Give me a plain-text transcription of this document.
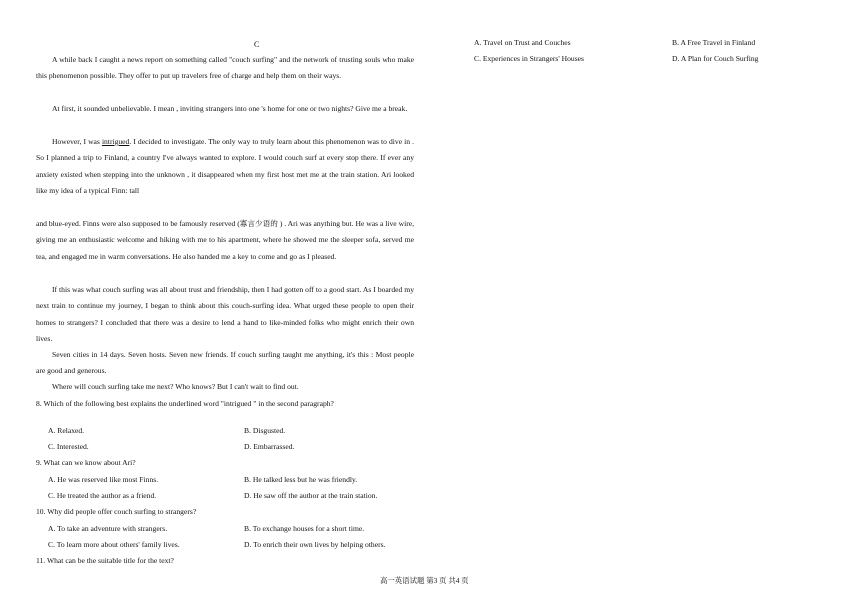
C
A while back I caught a news report on something called "couch surfing" and the network of trusting souls who make this phenomenon possible. They offer to put up travelers free of charge and help them on their ways.
At first, it sounded unbelievable. I mean , inviting strangers into one 's home for one or two nights? Give me a break.
However, I was intrigued. I decided to investigate. The only way to truly learn about this phenomenon was to dive in . So I planned a trip to Finland, a country I've always wanted to explore. I would couch surf at every stop there. If ever any anxiety existed when stepping into the unknown , it disappeared when my first host met me at the train station. Ari looked like my idea of a typical Finn: tall
and blue-eyed. Finns were also supposed to be famously reserved (寡言少语的 ) . Ari was anything but. He was a live wire, giving me an enthusiastic welcome and hiking with me to his apartment, where he showed me the sleeper sofa, served me tea, and engaged me in warm conversations. He also handed me a key to come and go as I pleased.
If this was what couch surfing was all about trust and friendship, then I had gotten off to a good start. As I boarded my next train to continue my journey, I began to think about this couch-surfing idea. What urged these people to open their homes to strangers? I concluded that there was a desire to lend a hand to like-minded folks who might enrich their own lives.
Seven cities in 14 days. Seven hosts. Seven new friends. If couch surfing taught me anything, it's this : Most people are good and generous.
Where will couch surfing take me next? Who knows? But I can't wait to find out.
8. Which of the following best explains the underlined word "intrigued " in the second paragraph?
A. Relaxed.	B. Disgusted.
C. Interested.	D. Embarrassed.
9. What can we know about Ari?
A. He was reserved like most Finns.	B. He talked less but he was friendly.
C. He treated the author as a friend.	D. He saw off the author at the train station.
10. Why did people offer couch surfing to strangers?
A. To take an adventure with strangers.	B. To exchange houses for a short time.
C. To learn more about others' family lives.	D. To enrich their own lives by helping others.
11. What can be the suitable title for the text?
A. Travel on Trust and Couches	B. A Free Travel in Finland
C. Experiences in Strangers' Houses	D. A Plan for Couch Surfing
高一英语试题 第3 页 共4 页
